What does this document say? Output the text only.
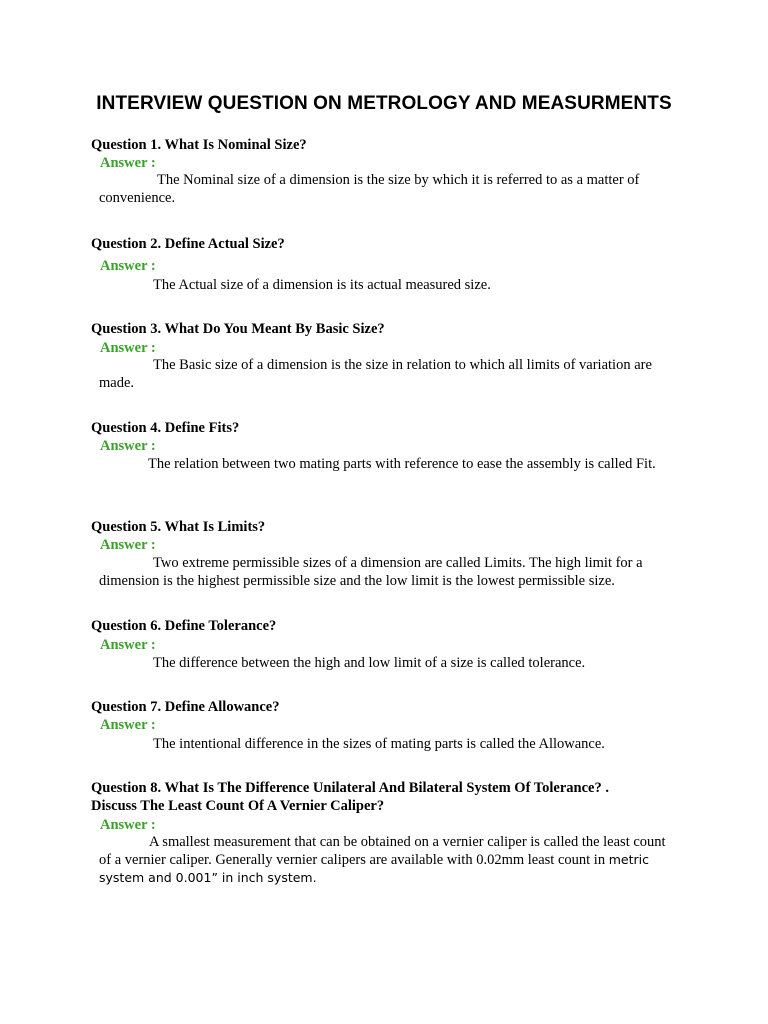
INTERVIEW QUESTION ON METROLOGY AND MEASURMENTS
Question 1. What Is Nominal Size?
Answer :
The Nominal size of a dimension is the size by which it is referred to as a matter of convenience.
Question 2. Define Actual Size?
Answer :
The Actual size of a dimension is its actual measured size.
Question 3. What Do You Meant By Basic Size?
Answer :
The Basic size of a dimension is the size in relation to which all limits of variation are made.
Question 4. Define Fits?
Answer :
The relation between two mating parts with reference to ease the assembly is called Fit.
Question 5. What Is Limits?
Answer :
Two extreme permissible sizes of a dimension are called Limits. The high limit for a dimension is the highest permissible size and the low limit is the lowest permissible size.
Question 6. Define Tolerance?
Answer :
The difference between the high and low limit of a size is called tolerance.
Question 7. Define Allowance?
Answer :
The intentional difference in the sizes of mating parts is called the Allowance.
Question 8. What Is The Difference Unilateral And Bilateral System Of Tolerance? .
Discuss The Least Count Of A Vernier Caliper?
Answer :
A smallest measurement that can be obtained on a vernier caliper is called the least count of a vernier caliper. Generally vernier calipers are available with 0.02mm least count in metric system and 0.001” in inch system.
